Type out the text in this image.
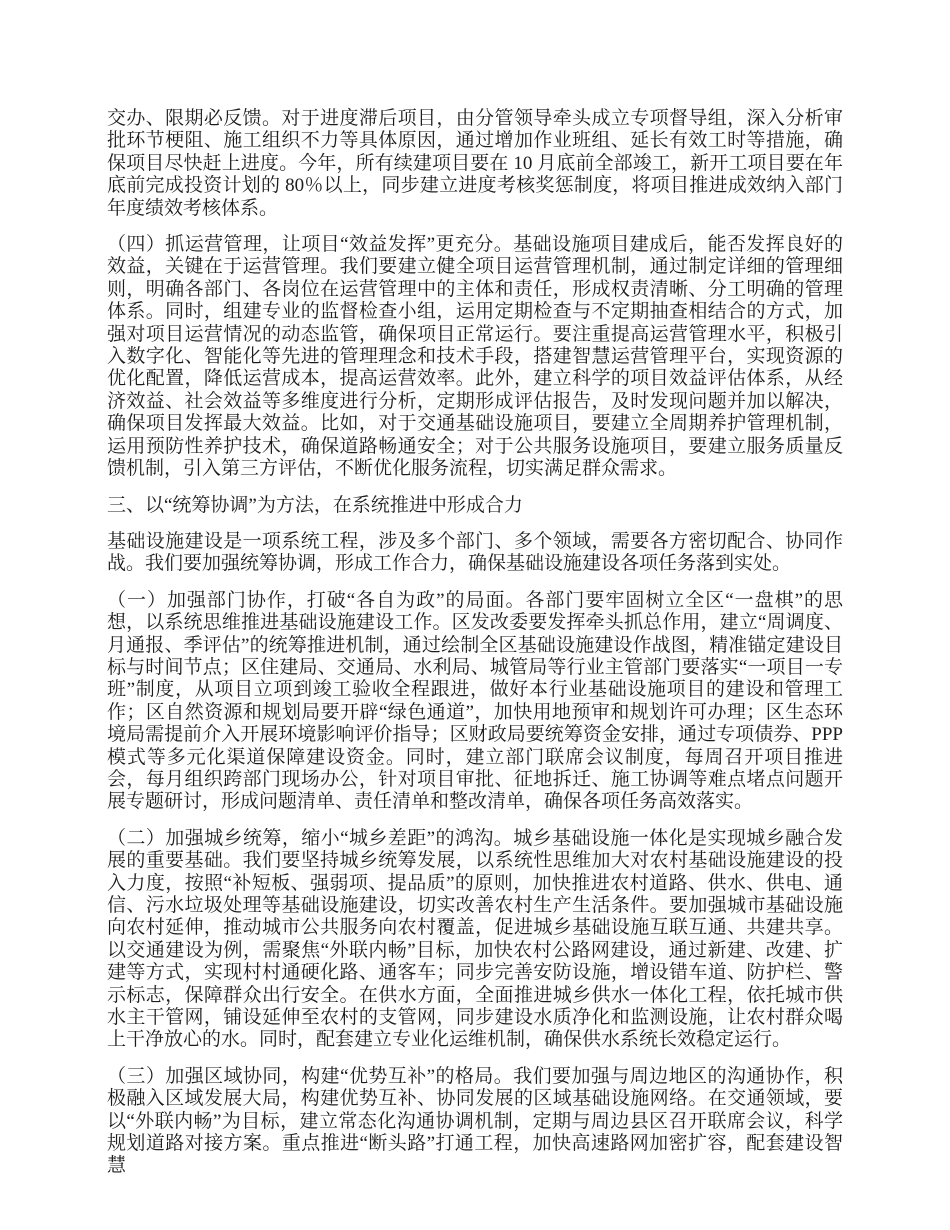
交办、限期必反馈。对于进度滞后项目，由分管领导牵头成立专项督导组，深入分析审批环节梗阻、施工组织不力等具体原因，通过增加作业班组、延长有效工时等措施，确保项目尽快赶上进度。今年，所有续建项目要在 10 月底前全部竣工，新开工项目要在年底前完成投资计划的 80％以上，同步建立进度考核奖惩制度，将项目推进成效纳入部门年度绩效考核体系。

（四）抓运营管理，让项目“效益发挥”更充分。基础设施项目建成后，能否发挥良好的效益，关键在于运营管理。我们要建立健全项目运营管理机制，通过制定详细的管理细则，明确各部门、各岗位在运营管理中的主体和责任，形成权责清晰、分工明确的管理体系。同时，组建专业的监督检查小组，运用定期检查与不定期抽查相结合的方式，加强对项目运营情况的动态监管，确保项目正常运行。要注重提高运营管理水平，积极引入数字化、智能化等先进的管理理念和技术手段，搭建智慧运营管理平台，实现资源的优化配置，降低运营成本，提高运营效率。此外，建立科学的项目效益评估体系，从经济效益、社会效益等多维度进行分析，定期形成评估报告，及时发现问题并加以解决，确保项目发挥最大效益。比如，对于交通基础设施项目，要建立全周期养护管理机制，运用预防性养护技术，确保道路畅通安全；对于公共服务设施项目，要建立服务质量反馈机制，引入第三方评估，不断优化服务流程，切实满足群众需求。

三、以“统筹协调”为方法，在系统推进中形成合力

基础设施建设是一项系统工程，涉及多个部门、多个领域，需要各方密切配合、协同作战。我们要加强统筹协调，形成工作合力，确保基础设施建设各项任务落到实处。

（一）加强部门协作，打破“各自为政”的局面。各部门要牢固树立全区“一盘棋”的思想，以系统思维推进基础设施建设工作。区发改委要发挥牵头抓总作用，建立“周调度、月通报、季评估”的统筹推进机制，通过绘制全区基础设施建设作战图，精准锚定建设目标与时间节点；区住建局、交通局、水利局、城管局等行业主管部门要落实“一项目一专班”制度，从项目立项到竣工验收全程跟进，做好本行业基础设施项目的建设和管理工作；区自然资源和规划局要开辟“绿色通道”，加快用地预审和规划许可办理；区生态环境局需提前介入开展环境影响评价指导；区财政局要统筹资金安排，通过专项债券、PPP 模式等多元化渠道保障建设资金。同时，建立部门联席会议制度，每周召开项目推进会，每月组织跨部门现场办公，针对项目审批、征地拆迁、施工协调等难点堵点问题开展专题研讨，形成问题清单、责任清单和整改清单，确保各项任务高效落实。

（二）加强城乡统筹，缩小“城乡差距”的鸿沟。城乡基础设施一体化是实现城乡融合发展的重要基础。我们要坚持城乡统筹发展，以系统性思维加大对农村基础设施建设的投入力度，按照“补短板、强弱项、提品质”的原则，加快推进农村道路、供水、供电、通信、污水垃圾处理等基础设施建设，切实改善农村生产生活条件。要加强城市基础设施向农村延伸，推动城市公共服务向农村覆盖，促进城乡基础设施互联互通、共建共享。以交通建设为例，需聚焦“外联内畅”目标，加快农村公路网建设，通过新建、改建、扩建等方式，实现村村通硬化路、通客车；同步完善安防设施，增设错车道、防护栏、警示标志，保障群众出行安全。在供水方面，全面推进城乡供水一体化工程，依托城市供水主干管网，铺设延伸至农村的支管网，同步建设水质净化和监测设施，让农村群众喝上干净放心的水。同时，配套建立专业化运维机制，确保供水系统长效稳定运行。

（三）加强区域协同，构建“优势互补”的格局。我们要加强与周边地区的沟通协作，积极融入区域发展大局，构建优势互补、协同发展的区域基础设施网络。在交通领域，要以“外联内畅”为目标，建立常态化沟通协调机制，定期与周边县区召开联席会议，科学规划道路对接方案。重点推进“断头路”打通工程，加快高速路网加密扩容，配套建设智慧
